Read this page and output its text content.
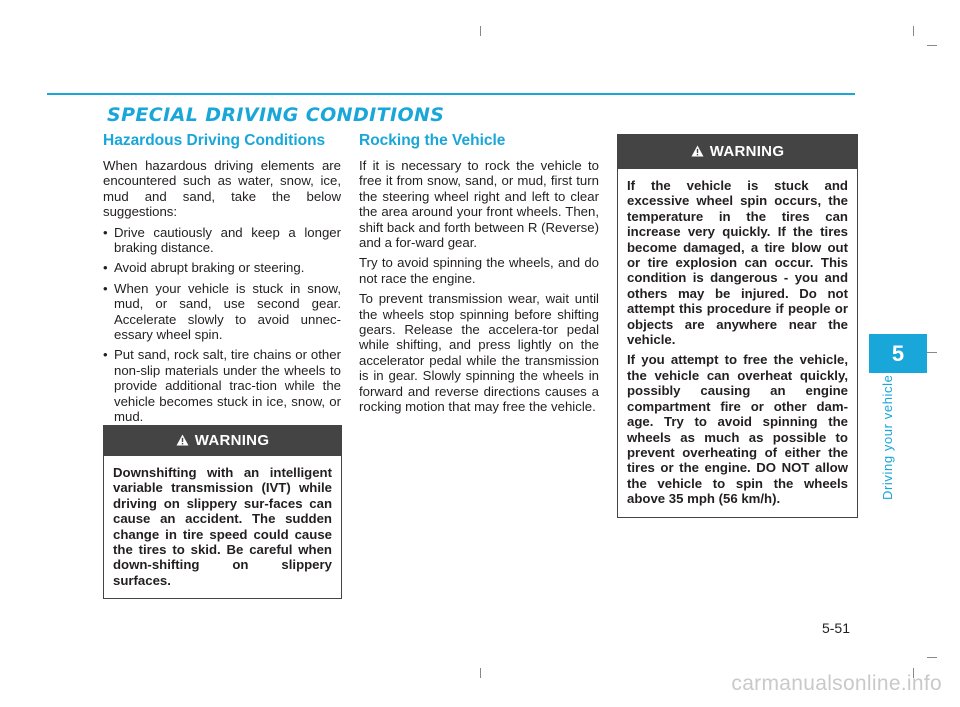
SPECIAL DRIVING CONDITIONS
Hazardous Driving Conditions

When hazardous driving elements are encountered such as water, snow, ice, mud and sand, take the below suggestions:

• Drive cautiously and keep a longer braking distance.
• Avoid abrupt braking or steering.
• When your vehicle is stuck in snow, mud, or sand, use second gear. Accelerate slowly to avoid unnec-essary wheel spin.
• Put sand, rock salt, tire chains or other non-slip materials under the wheels to provide additional trac-tion while the vehicle becomes stuck in ice, snow, or mud.
WARNING

Downshifting with an intelligent variable transmission (IVT) while driving on slippery sur-faces can cause an accident. The sudden change in tire speed could cause the tires to skid. Be careful when down-shifting on slippery surfaces.

Rocking the Vehicle

If it is necessary to rock the vehicle to free it from snow, sand, or mud, first turn the steering wheel right and left to clear the area around your front wheels. Then, shift back and forth between R (Reverse) and a for-ward gear.

Try to avoid spinning the wheels, and do not race the engine.

To prevent transmission wear, wait until the wheels stop spinning before shifting gears. Release the accelera-tor pedal while shifting, and press lightly on the accelerator pedal while the transmission is in gear. Slowly spinning the wheels in forward and reverse directions causes a rocking motion that may free the vehicle.

WARNING

If the vehicle is stuck and excessive wheel spin occurs, the temperature in the tires can increase very quickly. If the tires become damaged, a tire blow out or tire explosion can occur. This condition is dangerous - you and others may be injured. Do not attempt this procedure if people or objects are anywhere near the vehicle.

If you attempt to free the vehicle, the vehicle can overheat quickly, possibly causing an engine compartment fire or other dam-age. Try to avoid spinning the wheels as much as possible to prevent overheating of either the tires or the engine. DO NOT allow the vehicle to spin the wheels above 35 mph (56 km/h).

5
Driving your vehicle
5-51
carmanualsonline.info
